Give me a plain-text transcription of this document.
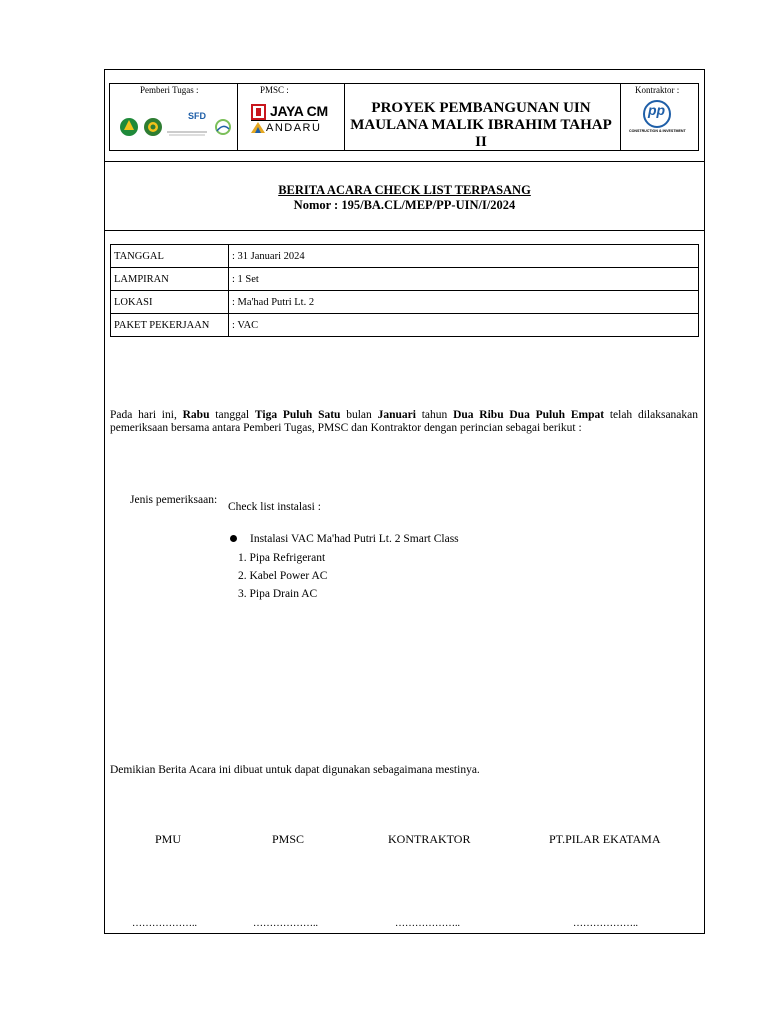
Pemberi Tugas :
SFD
PMSC :
JAYA CM
ANDARU
PROYEK PEMBANGUNAN UIN
MAULANA MALIK IBRAHIM TAHAP II
Kontraktor :
pp
CONSTRUCTION & INVESTMENT
BERITA ACARA CHECK LIST TERPASANG
Nomor : 195/BA.CL/MEP/PP-UIN/I/2024
TANGGAL	: 31 Januari 2024
LAMPIRAN	: 1 Set
LOKASI	: Ma'had Putri Lt. 2
PAKET PEKERJAAN	: VAC
Pada hari ini, Rabu tanggal Tiga Puluh Satu bulan Januari tahun Dua Ribu Dua Puluh Empat telah dilaksanakan pemeriksaan bersama antara Pemberi Tugas, PMSC dan Kontraktor dengan perincian sebagai berikut :
Jenis pemeriksaan:
Check list instalasi :
Instalasi VAC Ma'had Putri Lt. 2 Smart Class
1. Pipa Refrigerant
2. Kabel Power AC
3. Pipa Drain AC
Demikian Berita Acara ini dibuat untuk dapat digunakan sebagaimana mestinya.
PMU	PMSC	KONTRAKTOR	PT.PILAR EKATAMA
………………..	………………..	………………..	………………..
